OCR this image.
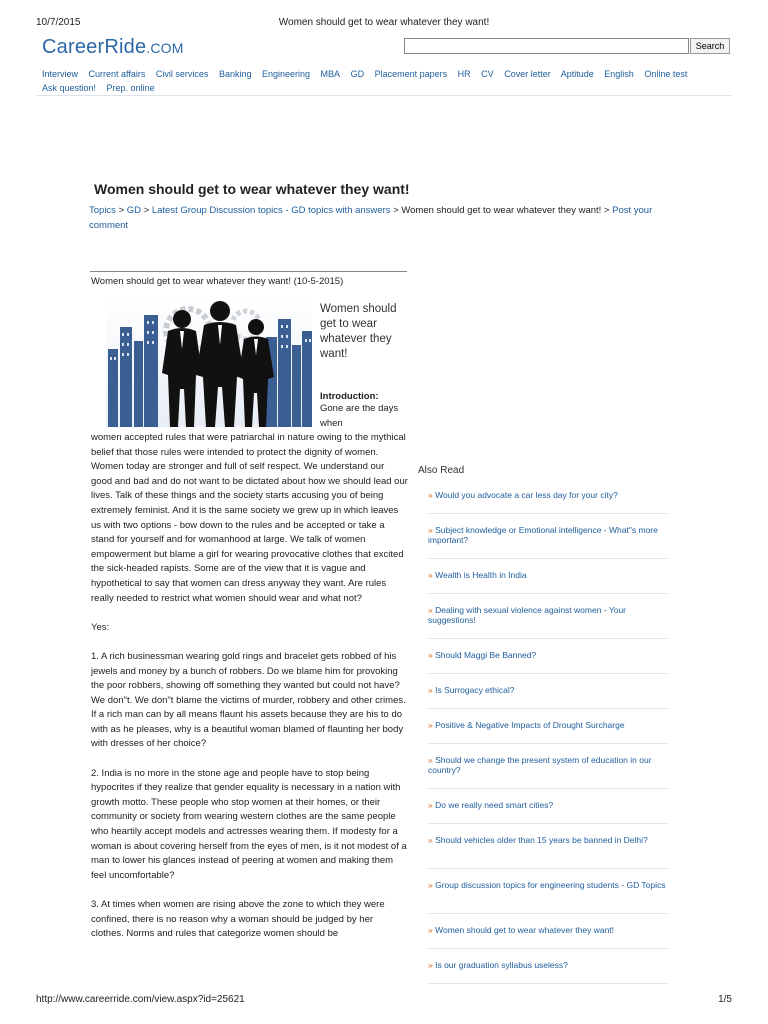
10/7/2015	Women should get to wear whatever they want!
CareerRide.COM	Search
Interview Current affairs Civil services Banking Engineering MBA GD Placement papers HR CV Cover letter Aptitude English Online test
Ask question! Prep. online
Women should get to wear whatever they want!
Topics > GD > Latest Group Discussion topics - GD topics with answers > Women should get to wear whatever they want! > Post your comment
Women should get to wear whatever they want! (10-5-2015)
Women should get to wear whatever they want!
Introduction:
Gone are the days when

women accepted rules that were patriarchal in nature owing to the mythical belief that those rules were intended to protect the dignity of women. Women today are stronger and full of self respect. We understand our good and bad and do not want to be dictated about how we should lead our lives. Talk of these things and the society starts accusing you of being extremely feminist. And it is the same society we grew up in which leaves us with two options - bow down to the rules and be accepted or take a stand for yourself and for womanhood at large. We talk of women empowerment but blame a girl for wearing provocative clothes that excited the sick-headed rapists. Some are of the view that it is vague and hypothetical to say that women can dress anyway they want. Are rules really needed to restrict what women should wear and what not?

Yes:

1. A rich businessman wearing gold rings and bracelet gets robbed of his jewels and money by a bunch of robbers. Do we blame him for provoking the poor robbers, showing off something they wanted but could not have? We don"t. We don"t blame the victims of murder, robbery and other crimes. If a rich man can by all means flaunt his assets because they are his to do with as he pleases, why is a beautiful woman blamed of flaunting her body with dresses of her choice?

2. India is no more in the stone age and people have to stop being hypocrites if they realize that gender equality is necessary in a nation with growth motto. These people who stop women at their homes, or their community or society from wearing western clothes are the same people who heartily accept models and actresses wearing them. If modesty for a woman is about covering herself from the eyes of men, is it not modest of a man to lower his glances instead of peering at women and making them feel uncomfortable?

3. At times when women are rising above the zone to which they were confined, there is no reason why a woman should be judged by her clothes. Norms and rules that categorize women should be

Also Read
» Would you advocate a car less day for your city?
» Subject knowledge or Emotional intelligence - What"s more important?
» Wealth is Health in India
» Dealing with sexual violence against women - Your suggestions!
» Should Maggi Be Banned?
» Is Surrogacy ethical?
» Positive & Negative Impacts of Drought Surcharge
» Should we change the present system of education in our country?
» Do we really need smart cities?
» Should vehicles older than 15 years be banned in Delhi?
» Group discussion topics for engineering students - GD Topics
» Women should get to wear whatever they want!
» Is our graduation syllabus useless?
http://www.careerride.com/view.aspx?id=25621	1/5
